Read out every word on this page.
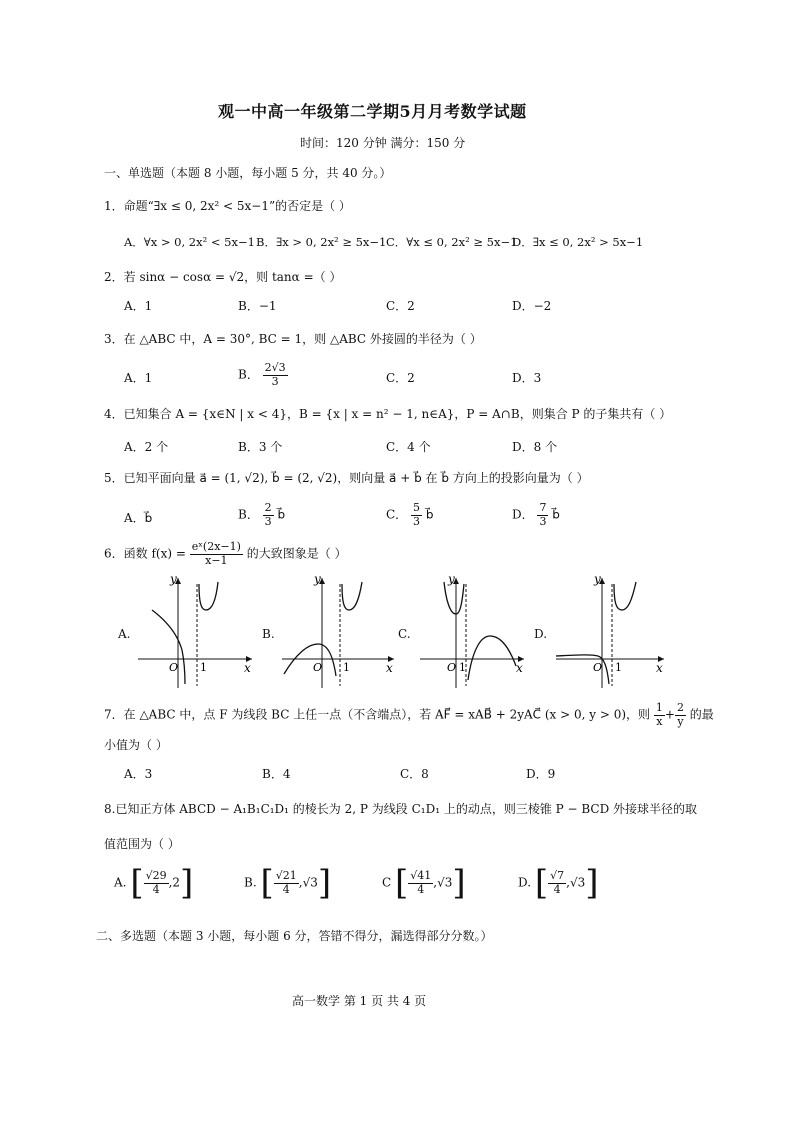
观一中高一年级第二学期5月月考数学试题
时间：120 分钟 满分：150 分
一、单选题（本题 8 小题，每小题 5 分，共 40 分。）
1．命题“∃x ≤ 0, 2x² < 5x−1”的否定是（ ）
A．∀x > 0, 2x² < 5x−1 B．∃x > 0, 2x² ≥ 5x−1 C．∀x ≤ 0, 2x² ≥ 5x−1
D．∃x ≤ 0, 2x² > 5x−1
2．若 sinα − cosα = √2，则 tanα =（ ）
A．1	B．−1	C．2	D．−2
3．在 △ABC 中，A = 30°, BC = 1，则 △ABC 外接圆的半径为（ ）
A．1	B． $\frac{2√3}{3}$	C．2	D．3
4．已知集合 A = {x∈N | x < 4}，B = {x | x = n² − 1, n∈A}，P = A∩B，则集合 P 的子集共有（ ）
A．2 个	B．3 个	C．4 个	D．8 个
5．已知平面向量 a⃗ = (1, √2), b⃗ = (2, √2)，则向量 a⃗ + b⃗ 在 b⃗ 方向上的投影向量为（ ）
A．b⃗	B． $\frac{2}{3}$ b⃗	C． $\frac{5}{3}$ b⃗	D． $\frac{7}{3}$ b⃗
6．函数 $f(x) = \frac{\text{eˣ(2x−1)}}{x-1}$ 的大致图象是（ ）
A.	B.	C.	D.
y
x
O 1
y
x
O 1
y
x
O 1
y
x
O 1
7．在 △ABC 中，点 F 为线段 BC 上任一点（不含端点），若 AF⃗ = xAB⃗ + 2yAC⃗ (x > 0, y > 0)，则 $\frac{1}{x} + \frac{2}{y}$ 的最
小值为（ ）
A．3	B．4	C．8	D．9
8.已知正方体 ABCD − A₁B₁C₁D₁ 的棱长为 2, P 为线段 C₁D₁ 上的动点，则三棱锥 P − BCD 外接球半径的取
值范围为（ ）
A. [ $\frac{√29}{4} ,2$]	B. [ $\frac{√21}{4} ,√3$]	C [ $\frac{√41}{4} ,√3$]	D. [ $\frac{√7}{4} ,√3$]
二、多选题（本题 3 小题，每小题 6 分，答错不得分，漏选得部分分数。）
高一数学 第 1 页 共 4 页
